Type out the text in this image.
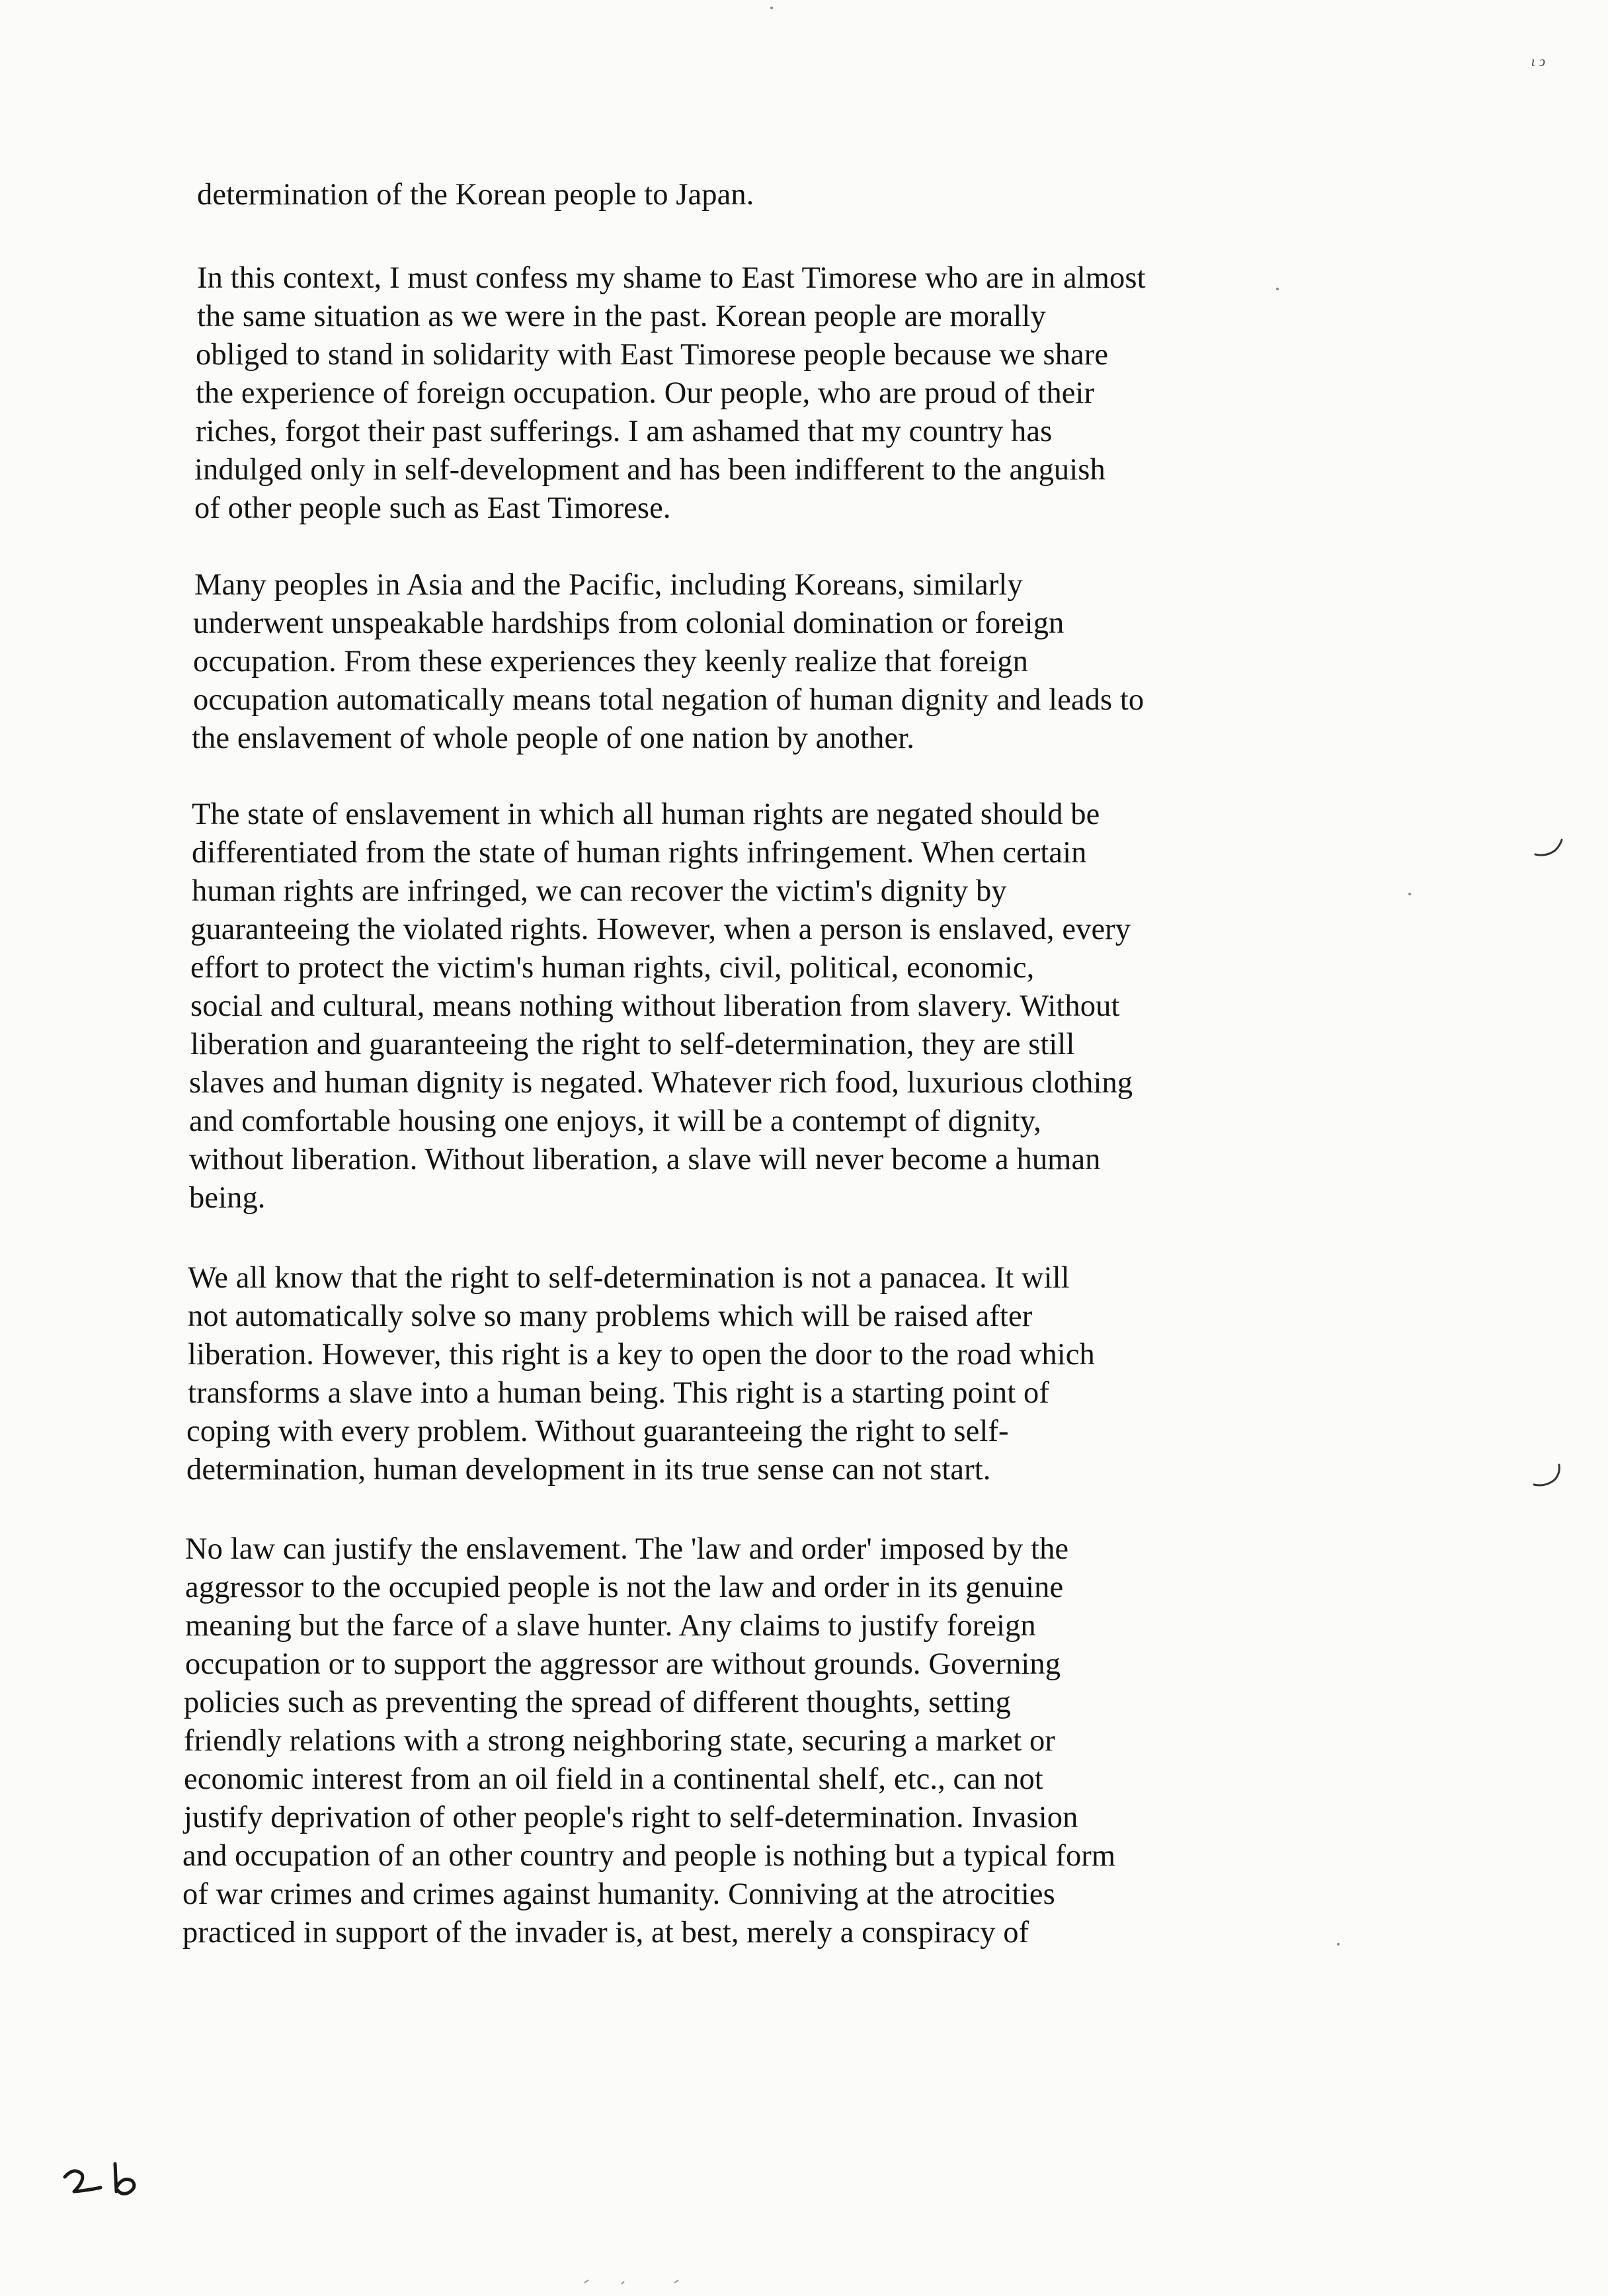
ι ↄ
determination of the Korean people to Japan.
In this context, I must confess my shame to East Timorese who are in almost
the same situation as we were in the past. Korean people are morally
obliged to stand in solidarity with East Timorese people because we share
the experience of foreign occupation. Our people, who are proud of their
riches, forgot their past sufferings. I am ashamed that my country has
indulged only in self-development and has been indifferent to the anguish
of other people such as East Timorese.
Many peoples in Asia and the Pacific, including Koreans, similarly
underwent unspeakable hardships from colonial domination or foreign
occupation. From these experiences they keenly realize that foreign
occupation automatically means total negation of human dignity and leads to
the enslavement of whole people of one nation by another.
The state of enslavement in which all human rights are negated should be
differentiated from the state of human rights infringement. When certain
human rights are infringed, we can recover the victim's dignity by
guaranteeing the violated rights. However, when a person is enslaved, every
effort to protect the victim's human rights, civil, political, economic,
social and cultural, means nothing without liberation from slavery. Without
liberation and guaranteeing the right to self-determination, they are still
slaves and human dignity is negated. Whatever rich food, luxurious clothing
and comfortable housing one enjoys, it will be a contempt of dignity,
without liberation. Without liberation, a slave will never become a human
being.
We all know that the right to self-determination is not a panacea. It will
not automatically solve so many problems which will be raised after
liberation. However, this right is a key to open the door to the road which
transforms a slave into a human being. This right is a starting point of
coping with every problem. Without guaranteeing the right to self-
determination, human development in its true sense can not start.
No law can justify the enslavement. The 'law and order' imposed by the
aggressor to the occupied people is not the law and order in its genuine
meaning but the farce of a slave hunter. Any claims to justify foreign
occupation or to support the aggressor are without grounds. Governing
policies such as preventing the spread of different thoughts, setting
friendly relations with a strong neighboring state, securing a market or
economic interest from an oil field in a continental shelf, etc., can not
justify deprivation of other people's right to self-determination. Invasion
and occupation of an other country and people is nothing but a typical form
of war crimes and crimes against humanity. Conniving at the atrocities
practiced in support of the invader is, at best, merely a conspiracy of
